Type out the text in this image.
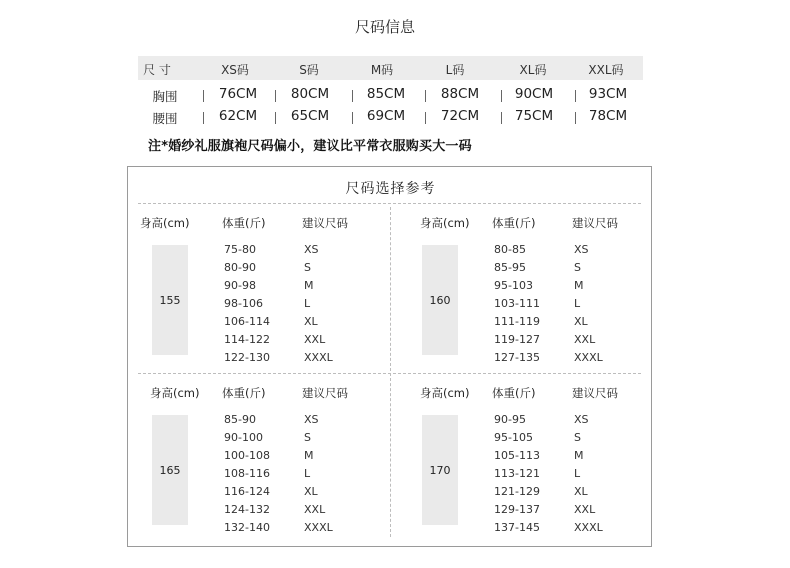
尺码信息
尺 寸	XS码	S码	M码	L码	XL码	XXL码
胸围	76CM	80CM	85CM	88CM	90CM	93CM
腰围	62CM	65CM	69CM	72CM	75CM	78CM
注*婚纱礼服旗袍尺码偏小，建议比平常衣服购买大一码
尺码选择参考
身高(cm)	体重(斤)	建议尺码
155
75-80	XS
80-90	S
90-98	M
98-106	L
106-114	XL
114-122	XXL
122-130	XXXL
身高(cm) 体重(斤)	建议尺码
160
80-85	XS
85-95	S
95-103	M
103-111	L
111-119	XL
119-127	XXL
127-135	XXXL
身高(cm) 体重(斤)	建议尺码
165
85-90	XS
90-100	S
100-108	M
108-116	L
116-124	XL
124-132	XXL
132-140	XXXL
身高(cm) 体重(斤)	建议尺码
170
90-95	XS
95-105	S
105-113	M
113-121	L
121-129	XL
129-137	XXL
137-145	XXXL
